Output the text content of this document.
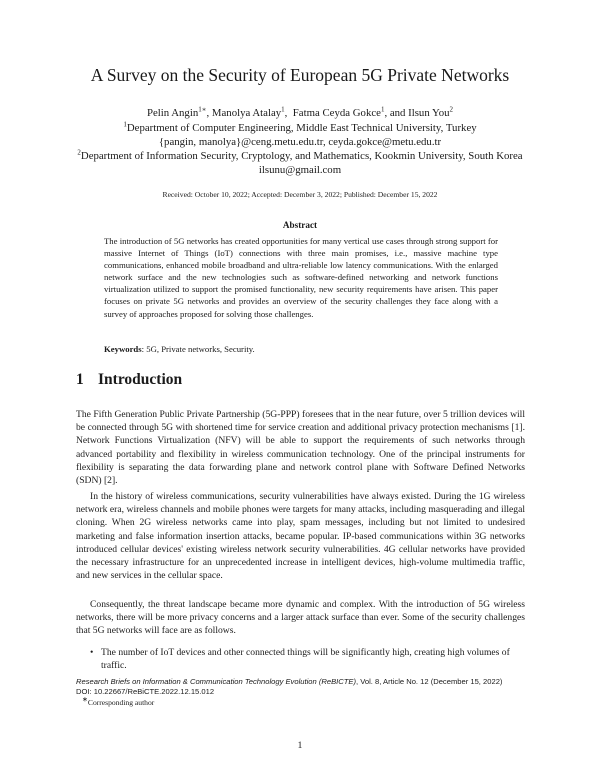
A Survey on the Security of European 5G Private Networks
Pelin Angin$^{1∗}$, Manolya Atalay$^1$,  Fatma Ceyda Gokce$^1$, and Ilsun You$^2$
$^1$Department of Computer Engineering, Middle East Technical University, Turkey
{pangin, manolya}@ceng.metu.edu.tr, ceyda.gokce@metu.edu.tr
$^2$Department of Information Security, Cryptology, and Mathematics, Kookmin University, South Korea
ilsunu@gmail.com
Received: October 10, 2022; Accepted: December 3, 2022; Published: December 15, 2022
Abstract
The introduction of 5G networks has created opportunities for many vertical use cases through strong support for massive Internet of Things (IoT) connections with three main promises, i.e., massive machine type communications, enhanced mobile broadband and ultra-reliable low latency communications. With the enlarged network surface and the new technologies such as software-defined networking and network functions virtualization utilized to support the promised functionality, new security requirements have arisen. This paper focuses on private 5G networks and provides an overview of the security challenges they face along with a survey of approaches proposed for solving those challenges.
Keywords: 5G, Private networks, Security.
1 Introduction

The Fifth Generation Public Private Partnership (5G-PPP) foresees that in the near future, over 5 trillion devices will be connected through 5G with shortened time for service creation and additional privacy protection mechanisms [1]. Network Functions Virtualization (NFV) will be able to support the requirements of such networks through advanced portability and flexibility in wireless communication technology. One of the principal instruments for flexibility is separating the data forwarding plane and network control plane with Software Defined Networks (SDN) [2].

In the history of wireless communications, security vulnerabilities have always existed. During the 1G wireless network era, wireless channels and mobile phones were targets for many attacks, including masquerading and illegal cloning. When 2G wireless networks came into play, spam messages, including but not limited to undesired marketing and false information insertion attacks, became popular. IP-based communications within 3G networks introduced cellular devices' existing wireless network security vulnerabilities. 4G cellular networks have provided the necessary infrastructure for an unprecedented increase in intelligent devices, high-volume multimedia traffic, and new services in the cellular space.

Consequently, the threat landscape became more dynamic and complex. With the introduction of 5G wireless networks, there will be more privacy concerns and a larger attack surface than ever. Some of the security challenges that 5G networks will face are as follows.

• The number of IoT devices and other connected things will be significantly high, creating high volumes of traffic.
Research Briefs on Information & Communication Technology Evolution (ReBICTE), Vol. 8, Article No. 12 (December 15, 2022)
DOI: 10.22667/ReBiCTE.2022.12.15.012
∗Corresponding author
1
